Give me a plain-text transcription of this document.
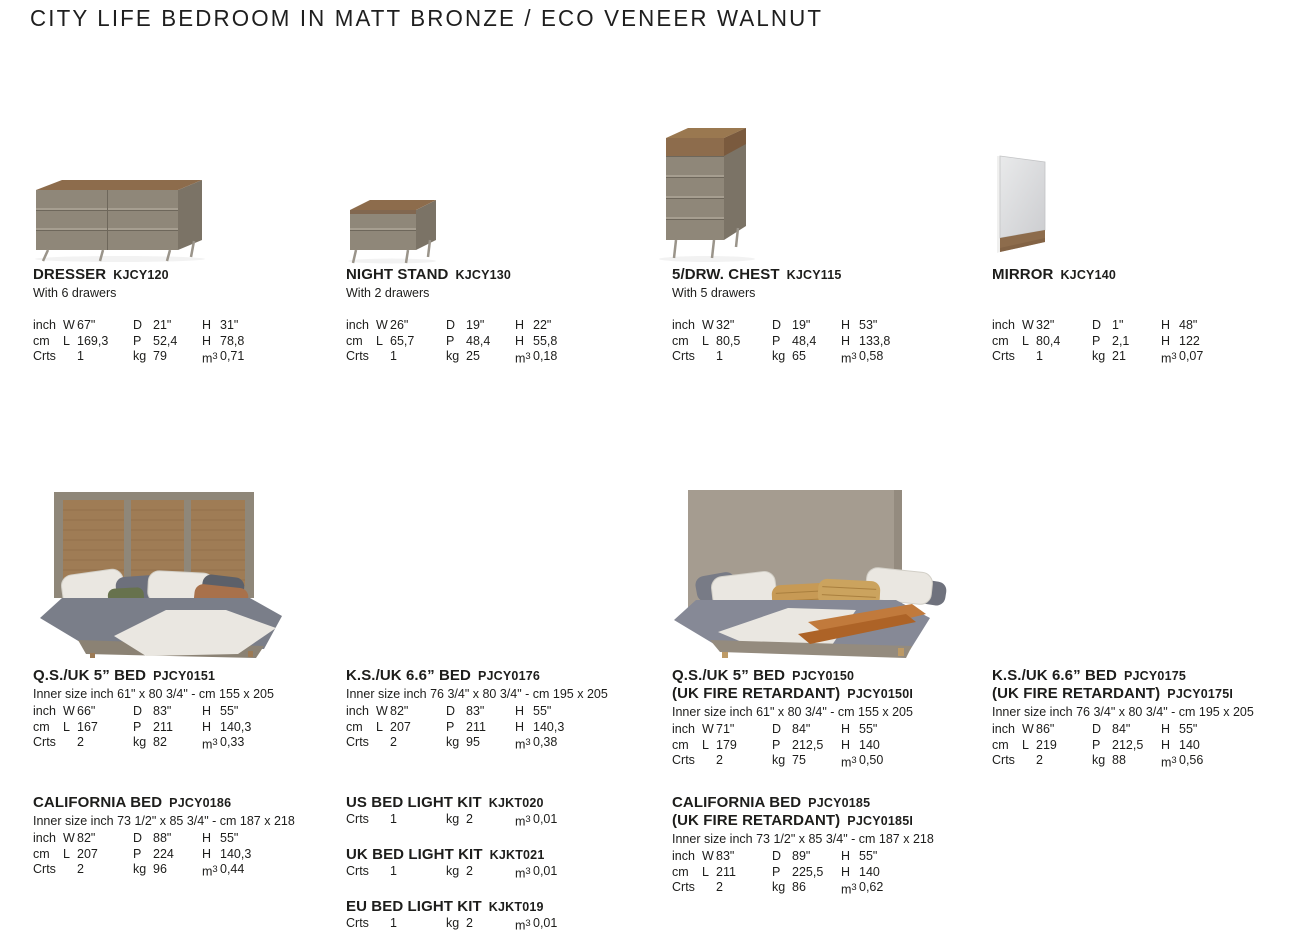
CITY LIFE BEDROOM IN MATT BRONZE / ECO VENEER WALNUT
DRESSER KJCY120
With 6 drawers
inch W 67"	D 21"	H 31"
cm	L 169,3	P 52,4	H 78,8
Crts	1	kg 79	$m^3$ 0,71
NIGHT STAND KJCY130
With 2 drawers
inch W 26"	D 19"	H 22"
cm	L 65,7	P 48,4	H 55,8
Crts	1	kg 25	$m^3$ 0,18
5/DRW. CHEST KJCY115
With 5 drawers
inch W 32"	D 19"	H 53"
cm	L 80,5	P 48,4	H 133,8
Crts	1	kg 65	$m^3$ 0,58
MIRROR KJCY140
inch W 32"	D 1"	H 48"
cm	L 80,4	P 2,1	H 122
Crts	1	kg 21	$m^3$ 0,07
Q.S./UK 5” BED PJCY0151
Inner size inch 61" x 80 3/4" - cm 155 x 205
inch W 66"	D 83"	H 55"
cm	L 167	P 211	H 140,3
Crts	2	kg 82	$m^3$ 0,33
K.S./UK 6.6” BED PJCY0176
Inner size inch 76 3/4" x 80 3/4" - cm 195 x 205
inch W 82"	D 83"	H 55"
cm	L 207	P 211	H 140,3
Crts	2	kg 95	$m^3$ 0,38
Q.S./UK 5” BED PJCY0150
(UK FIRE RETARDANT) PJCY0150I
Inner size inch 61" x 80 3/4" - cm 155 x 205
inch W 71"	D 84"	H 55"
cm	L 179	P 212,5	H 140
Crts	2	kg 75	$m^3$ 0,50
K.S./UK 6.6” BED PJCY0175
(UK FIRE RETARDANT) PJCY0175I
Inner size inch 76 3/4" x 80 3/4" - cm 195 x 205
inch W 86"	D 84"	H 55"
cm	L 219	P 212,5	H 140
Crts	2	kg 88	$m^3$ 0,56
CALIFORNIA BED PJCY0186
Inner size inch 73 1/2" x 85 3/4" - cm 187 x 218
inch W 82"	D 88"	H 55"
cm	L 207	P 224	H 140,3
Crts	2	kg 96	$m^3$ 0,44
US BED LIGHT KIT KJKT020
Crts	1	kg 2	$m^3$ 0,01
UK BED LIGHT KIT KJKT021
Crts	1	kg 2	$m^3$ 0,01
EU BED LIGHT KIT KJKT019
Crts	1	kg 2	$m^3$ 0,01
CALIFORNIA BED PJCY0185
(UK FIRE RETARDANT) PJCY0185I
Inner size inch 73 1/2" x 85 3/4" - cm 187 x 218
inch W 83"	D 89"	H 55"
cm	L 211	P 225,5	H 140
Crts	2	kg 86	$m^3$ 0,62
